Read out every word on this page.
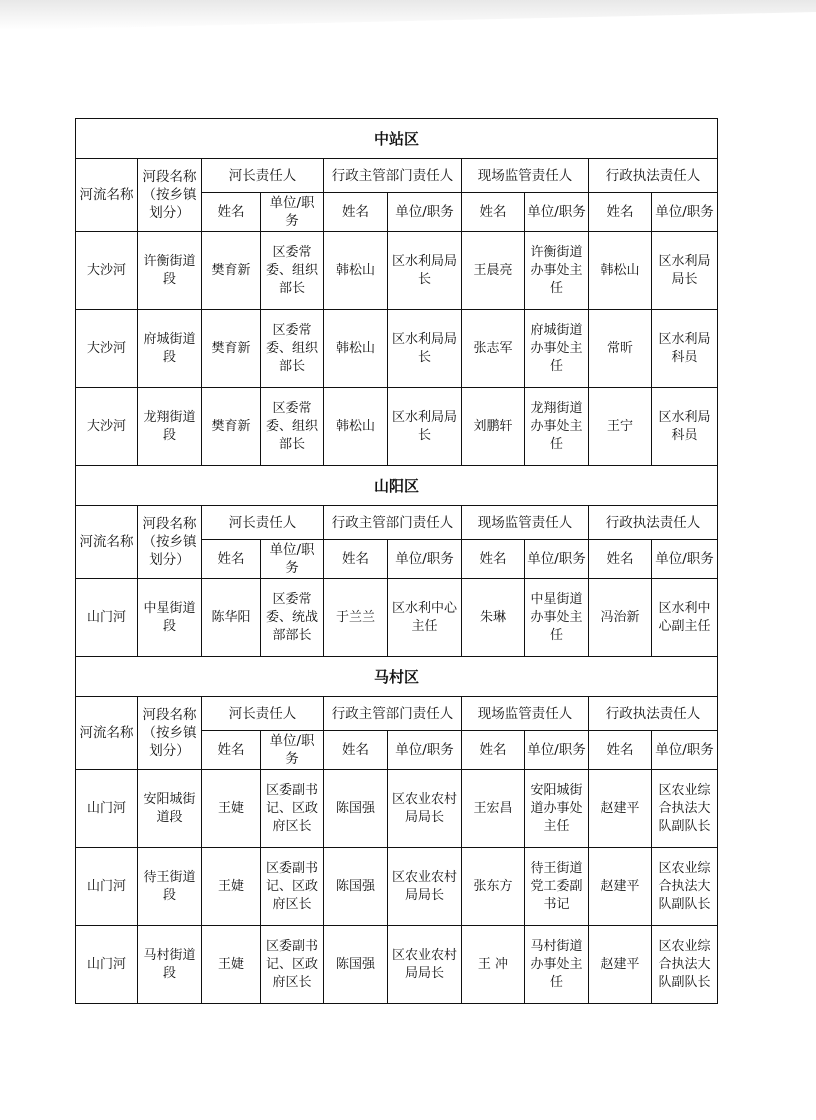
中站区									
河流名称	河段名称（按乡镇划分）	河长责任人		行政主管部门责任人		现场监管责任人		行政执法责任人	
		姓名	单位/职务	姓名	单位/职务	姓名	单位/职务	姓名	单位/职务

大沙河	许衡街道段	樊育新	区委常委、组织部长	韩松山	区水利局局长	王晨亮	许衡街道办事处主任	韩松山	区水利局局长

大沙河	府城街道段	樊育新	区委常委、组织部长	韩松山	区水利局局长	张志军	府城街道办事处主任	常昕	区水利局科员

大沙河	龙翔街道段	樊育新	区委常委、组织部长	韩松山	区水利局局长	刘鹏轩	龙翔街道办事处主任	王宁	区水利局科员

山阳区									
河流名称	河段名称（按乡镇划分）	河长责任人		行政主管部门责任人		现场监管责任人		行政执法责任人	
		姓名	单位/职务	姓名	单位/职务	姓名	单位/职务	姓名	单位/职务

山门河	中星街道段	陈华阳	区委常委、统战部部长	于兰兰	区水利中心主任	朱琳	中星街道办事处主任	冯治新	区水利中心副主任

马村区									
河流名称	河段名称（按乡镇划分）	河长责任人		行政主管部门责任人		现场监管责任人		行政执法责任人	
		姓名	单位/职务	姓名	单位/职务	姓名	单位/职务	姓名	单位/职务

山门河	安阳城街道段	王婕	区委副书记、区政府区长	陈国强	区农业农村局局长	王宏昌	安阳城街道办事处主任	赵建平	区农业综合执法大队副队长

山门河	待王街道段	王婕	区委副书记、区政府区长	陈国强	区农业农村局局长	张东方	待王街道党工委副书记	赵建平	区农业综合执法大队副队长

山门河	马村街道段	王婕	区委副书记、区政府区长	陈国强	区农业农村局局长	王 冲	马村街道办事处主任	赵建平	区农业综合执法大队副队长
